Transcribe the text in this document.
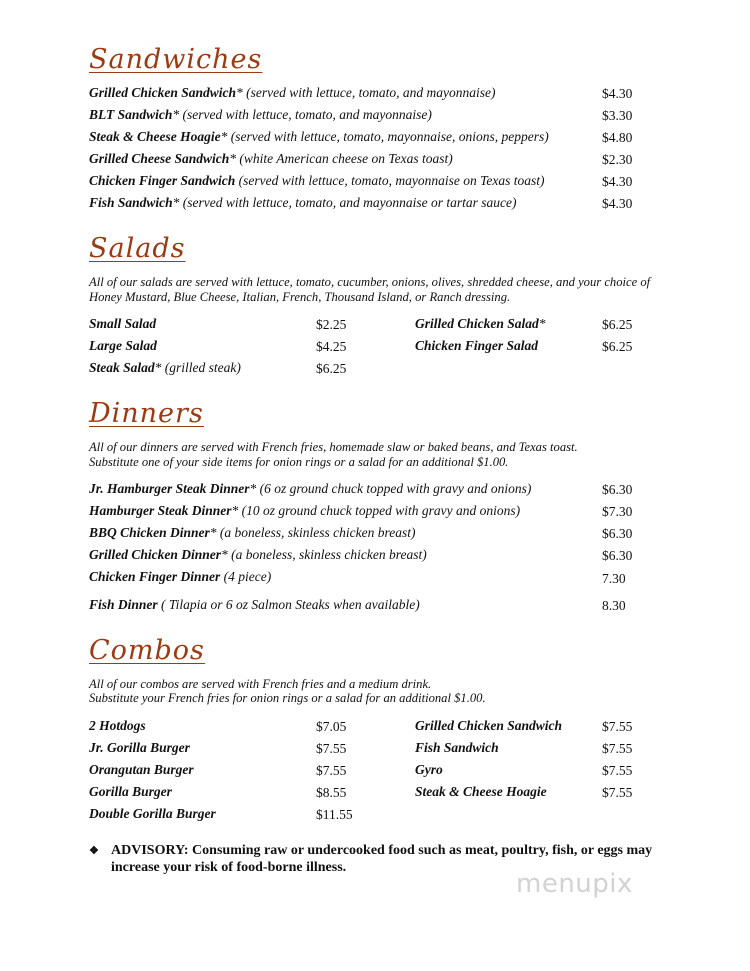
Sandwiches
Grilled Chicken Sandwich* (served with lettuce, tomato, and mayonnaise)	$4.30
BLT Sandwich* (served with lettuce, tomato, and mayonnaise)	$3.30
Steak & Cheese Hoagie* (served with lettuce, tomato, mayonnaise, onions, peppers)	$4.80
Grilled Cheese Sandwich* (white American cheese on Texas toast)	$2.30
Chicken Finger Sandwich (served with lettuce, tomato, mayonnaise on Texas toast)	$4.30
Fish Sandwich* (served with lettuce, tomato, and mayonnaise or tartar sauce)	$4.30
Salads
All of our salads are served with lettuce, tomato, cucumber, onions, olives, shredded cheese, and your choice of Honey Mustard, Blue Cheese, Italian, French, Thousand Island, or Ranch dressing.
Small Salad	$2.25
Large Salad	$4.25
Steak Salad* (grilled steak)	$6.25
Grilled Chicken Salad*	$6.25
Chicken Finger Salad	$6.25
Dinners
All of our dinners are served with French fries, homemade slaw or baked beans, and Texas toast.
Substitute one of your side items for onion rings or a salad for an additional $1.00.
Jr. Hamburger Steak Dinner* (6 oz ground chuck topped with gravy and onions)	$6.30
Hamburger Steak Dinner* (10 oz ground chuck topped with gravy and onions)	$7.30
BBQ Chicken Dinner* (a boneless, skinless chicken breast)	$6.30
Grilled Chicken Dinner* (a boneless, skinless chicken breast)	$6.30
Chicken Finger Dinner (4 piece)	7.30
Fish Dinner ( Tilapia or 6 oz Salmon Steaks when available)	8.30
Combos
All of our combos are served with French fries and a medium drink.
Substitute your French fries for onion rings or a salad for an additional $1.00.
2 Hotdogs	$7.05
Jr. Gorilla Burger	$7.55
Orangutan Burger	$7.55
Gorilla Burger	$8.55
Double Gorilla Burger	$11.55
Grilled Chicken Sandwich	$7.55
Fish Sandwich	$7.55
Gyro	$7.55
Steak & Cheese Hoagie	$7.55
❖ ADVISORY: Consuming raw or undercooked food such as meat, poultry, fish, or eggs may increase your risk of food-borne illness.
menupix
